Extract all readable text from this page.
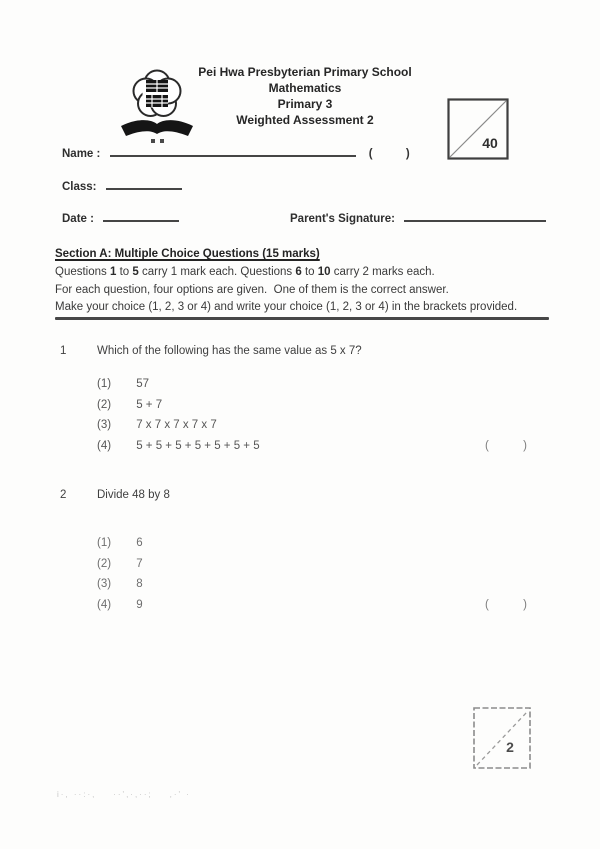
Pei Hwa Presbyterian Primary School
Mathematics
Primary 3
Weighted Assessment 2
40
Name :	(	)
Class:
Date :	Parent's Signature:
Section A: Multiple Choice Questions (15 marks)
Questions 1 to 5 carry 1 mark each. Questions 6 to 10 carry 2 marks each.
For each question, four options are given.  One of them is the correct answer.
Make your choice (1, 2, 3 or 4) and write your choice (1, 2, 3 or 4) in the brackets provided.
1	Which of the following has the same value as 5 x 7?
(1) 57
(2) 5 + 7
(3) 7 x 7 x 7 x 7 x 7
(4) 5 + 5 + 5 + 5 + 5 + 5 + 5	(	)
2	Divide 48 by 8
(1) 6
(2) 7
(3) 8
(4) 9	(	)
2
i·, ··:·,    ··',·,··;    ,·' ·
